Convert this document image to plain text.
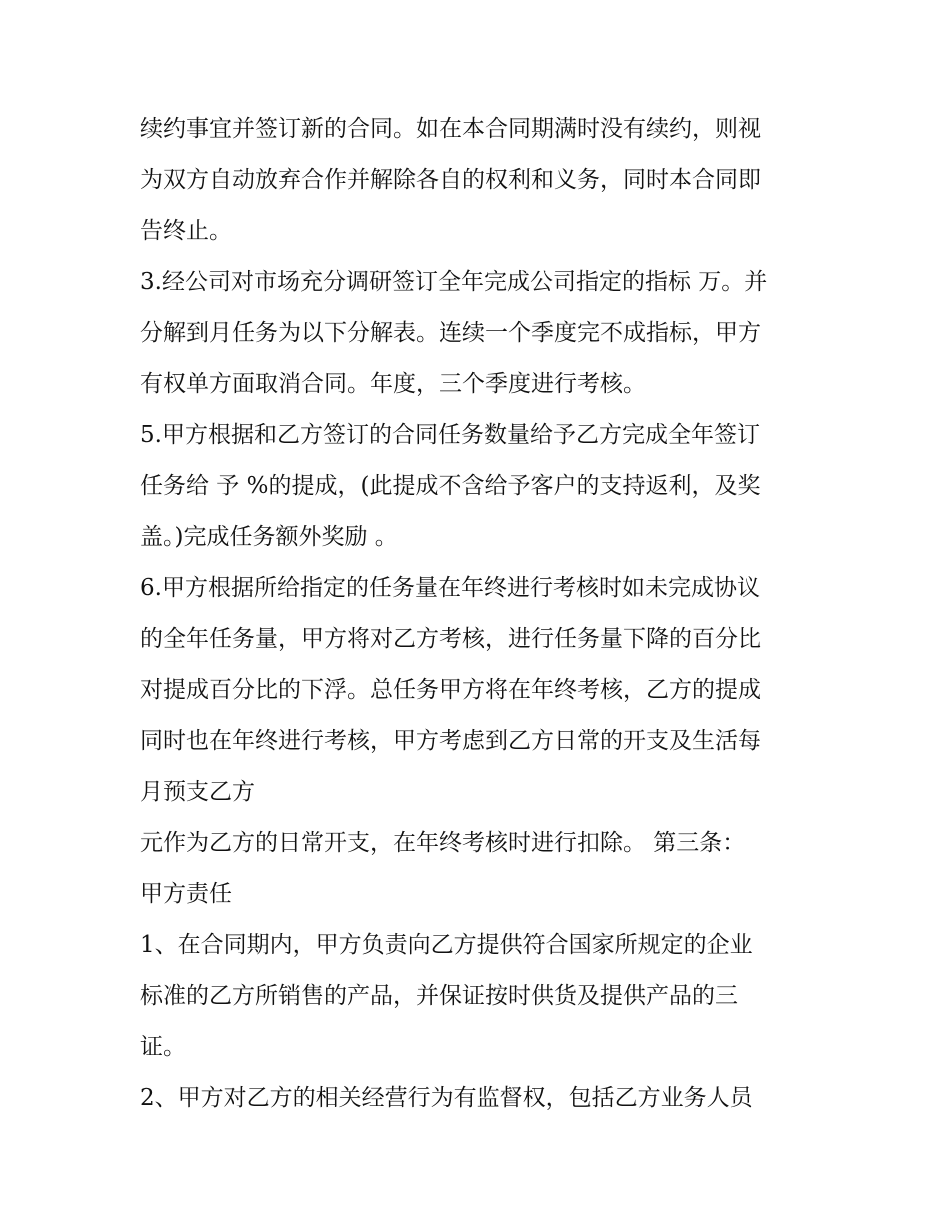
续约事宜并签订新的合同。如在本合同期满时没有续约，则视
为双方自动放弃合作并解除各自的权利和义务，同时本合同即
告终止。
3.经公司对市场充分调研签订全年完成公司指定的指标 万。并
分解到月任务为以下分解表。连续一个季度完不成指标，甲方
有权单方面取消合同。年度，三个季度进行考核。
5.甲方根据和乙方签订的合同任务数量给予乙方完成全年签订
任务给 予 %的提成，(此提成不含给予客户的支持返利，及奖
盖。)完成任务额外奖励 。
6.甲方根据所给指定的任务量在年终进行考核时如未完成协议
的全年任务量，甲方将对乙方考核，进行任务量下降的百分比
对提成百分比的下浮。总任务甲方将在年终考核，乙方的提成
同时也在年终进行考核，甲方考虑到乙方日常的开支及生活每
月预支乙方
元作为乙方的日常开支，在年终考核时进行扣除。 第三条：
甲方责任
1、在合同期内，甲方负责向乙方提供符合国家所规定的企业
标准的乙方所销售的产品，并保证按时供货及提供产品的三
证。
2、甲方对乙方的相关经营行为有监督权，包括乙方业务人员
